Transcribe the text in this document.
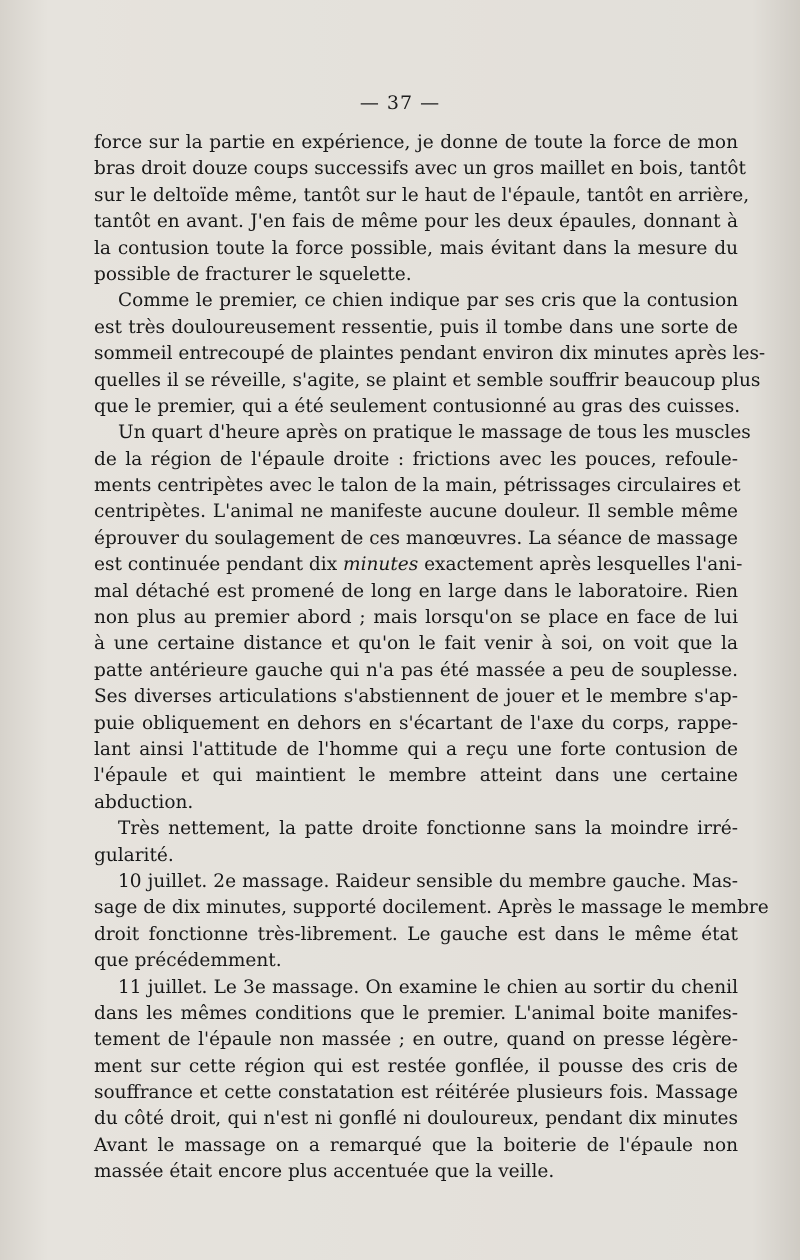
— 37 —
force sur la partie en expérience, je donne de toute la force de mon
bras droit douze coups successifs avec un gros maillet en bois, tantôt
sur le deltoïde même, tantôt sur le haut de l'épaule, tantôt en arrière,
tantôt en avant. J'en fais de même pour les deux épaules, donnant à
la contusion toute la force possible, mais évitant dans la mesure du
possible de fracturer le squelette.
Comme le premier, ce chien indique par ses cris que la contusion
est très douloureusement ressentie, puis il tombe dans une sorte de
sommeil entrecoupé de plaintes pendant environ dix minutes après les-
quelles il se réveille, s'agite, se plaint et semble souffrir beaucoup plus
que le premier, qui a été seulement contusionné au gras des cuisses.
Un quart d'heure après on pratique le massage de tous les muscles
de la région de l'épaule droite : frictions avec les pouces, refoule-
ments centripètes avec le talon de la main, pétrissages circulaires et
centripètes. L'animal ne manifeste aucune douleur. Il semble même
éprouver du soulagement de ces manœuvres. La séance de massage
est continuée pendant dix minutes exactement après lesquelles l'ani-
mal détaché est promené de long en large dans le laboratoire. Rien
non plus au premier abord ; mais lorsqu'on se place en face de lui
à une certaine distance et qu'on le fait venir à soi, on voit que la
patte antérieure gauche qui n'a pas été massée a peu de souplesse.
Ses diverses articulations s'abstiennent de jouer et le membre s'ap-
puie obliquement en dehors en s'écartant de l'axe du corps, rappe-
lant ainsi l'attitude de l'homme qui a reçu une forte contusion de
l'épaule et qui maintient le membre atteint dans une certaine
abduction.
Très nettement, la patte droite fonctionne sans la moindre irré-
gularité.
10 juillet. 2e massage. Raideur sensible du membre gauche. Mas-
sage de dix minutes, supporté docilement. Après le massage le membre
droit fonctionne très-librement. Le gauche est dans le même état
que précédemment.
11 juillet. Le 3e massage. On examine le chien au sortir du chenil
dans les mêmes conditions que le premier. L'animal boite manifes-
tement de l'épaule non massée ; en outre, quand on presse légère-
ment sur cette région qui est restée gonflée, il pousse des cris de
souffrance et cette constatation est réitérée plusieurs fois. Massage
du côté droit, qui n'est ni gonflé ni douloureux, pendant dix minutes
Avant le massage on a remarqué que la boiterie de l'épaule non
massée était encore plus accentuée que la veille.
